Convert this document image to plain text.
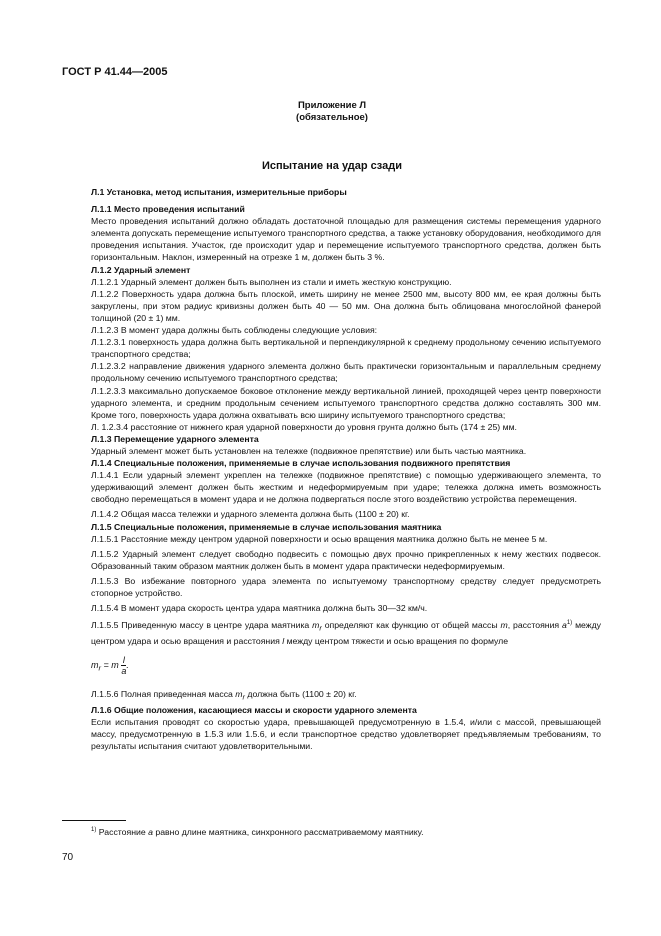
ГОСТ Р 41.44—2005
Приложение Л
(обязательное)
Испытание на удар сзади

Л.1 Установка, метод испытания, измерительные приборы

Л.1.1 Место проведения испытаний

Место проведения испытаний должно обладать достаточной площадью для размещения системы перемещения ударного элемента допускать перемещение испытуемого транспортного средства, а также установку оборудования, необходимого для проведения испытания. Участок, где происходит удар и перемещение испытуемого транспортного средства, должен быть горизонтальным. Наклон, измеренный на отрезке 1 м, должен быть 3 %.

Л.1.2 Ударный элемент

Л.1.2.1 Ударный элемент должен быть выполнен из стали и иметь жесткую конструкцию.

Л.1.2.2 Поверхность удара должна быть плоской, иметь ширину не менее 2500 мм, высоту 800 мм, ее края должны быть закруглены, при этом радиус кривизны должен быть 40 — 50 мм. Она должна быть облицована многослойной фанерой толщиной (20 ± 1) мм.

Л.1.2.3 В момент удара должны быть соблюдены следующие условия:

Л.1.2.3.1 поверхность удара должна быть вертикальной и перпендикулярной к среднему продольному сечению испытуемого транспортного средства;

Л.1.2.3.2 направление движения ударного элемента должно быть практически горизонтальным и параллельным среднему продольному сечению испытуемого транспортного средства;

Л.1.2.3.3 максимально допускаемое боковое отклонение между вертикальной линией, проходящей через центр поверхности ударного элемента, и средним продольным сечением испытуемого транспортного средства должно составлять 300 мм. Кроме того, поверхность удара должна охватывать всю ширину испытуемого транспортного средства;

Л. 1.2.3.4 расстояние от нижнего края ударной поверхности до уровня грунта должно быть (174 ± 25) мм.

Л.1.3 Перемещение ударного элемента

Ударный элемент может быть установлен на тележке (подвижное препятствие) или быть частью маятника.

Л.1.4 Специальные положения, применяемые в случае использования подвижного препятствия

Л.1.4.1 Если ударный элемент укреплен на тележке (подвижное препятствие) с помощью удерживающего элемента, то удерживающий элемент должен быть жестким и недеформируемым при ударе; тележка должна иметь возможность свободно перемещаться в момент удара и не должна подвергаться после этого воздействию устройства перемещения.

Л.1.4.2 Общая масса тележки и ударного элемента должна быть (1100 ± 20) кг.

Л.1.5 Специальные положения, применяемые в случае использования маятника

Л.1.5.1 Расстояние между центром ударной поверхности и осью вращения маятника должно быть не менее 5 м.

Л.1.5.2 Ударный элемент следует свободно подвесить с помощью двух прочно прикрепленных к нему жестких подвесок. Образованный таким образом маятник должен быть в момент удара практически недеформируемым.

Л.1.5.3 Во избежание повторного удара элемента по испытуемому транспортному средству следует предусмотреть стопорное устройство.

Л.1.5.4 В момент удара скорость центра удара маятника должна быть 30—32 км/ч.

Л.1.5.5 Приведенную массу в центре удара маятника $m_r$ определяют как функцию от общей массы m, расстояния $a^{1)}$ между центром удара и осью вращения и расстояния l между центром тяжести и осью вращения по формуле

$m_r = m \frac{l}{a}$ .

Л.1.5.6 Полная приведенная масса $m_r$ должна быть (1100 ± 20) кг.

Л.1.6 Общие положения, касающиеся массы и скорости ударного элемента

Если испытания проводят со скоростью удара, превышающей предусмотренную в 1.5.4, и/или с массой, превышающей массу, предусмотренную в 1.5.3 или 1.5.6, и если транспортное средство удовлетворяет предъявляемым требованиям, то результаты испытания считают удовлетворительными.

$^{1)}$ Расстояние a равно длине маятника, синхронного рассматриваемому маятнику.
70
